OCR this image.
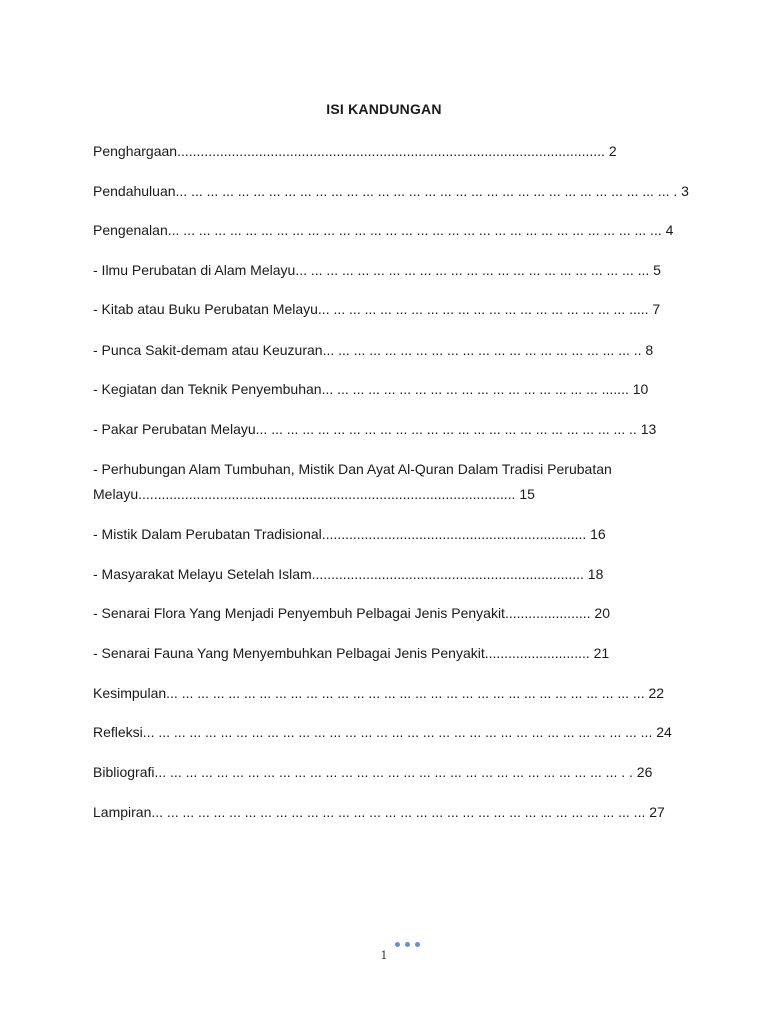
ISI KANDUNGAN
Penghargaan.............................................................................................................. 2
Pendahuluan... ... ... ... ... ... ... ... ... ... ... ... ... ... ... ... ... ... ... ... ... ... ... ... ... ... ... ... ... ... ... ... . 3
Pengenalan... ... ... ... ... ... ... ... ... ... ... ... ... ... ... ... ... ... ... ... ... ... ... ... ... ... ... ... ... ... ... ... 4
- Ilmu Perubatan di Alam Melayu... ... ... ... ... ... ... ... ... ... ... ... ... ... ... ... ... ... ... ... ... ... ... 5
- Kitab atau Buku Perubatan Melayu... ... ... ... ... ... ... ... ... ... ... ... ... ... ... ... ... ... ... ... ..... 7
- Punca Sakit-demam atau Keuzuran... ... ... ... ... ... ... ... ... ... ... ... ... ... ... ... ... ... ... ... .. 8
- Kegiatan dan Teknik Penyembuhan... ... ... ... ... ... ... ... ... ... ... ... ... ... ... ... ... ... ....... 10
- Pakar Perubatan Melayu... ... ... ... ... ... ... ... ... ... ... ... ... ... ... ... ... ... ... ... ... ... ... ... .. 13
- Perhubungan Alam Tumbuhan, Mistik Dan Ayat Al-Quran Dalam Tradisi Perubatan
Melayu................................................................................................. 15
- Mistik Dalam Perubatan Tradisional.................................................................... 16
- Masyarakat Melayu Setelah Islam...................................................................... 18
- Senarai Flora Yang Menjadi Penyembuh Pelbagai Jenis Penyakit...................... 20
- Senarai Fauna Yang Menyembuhkan Pelbagai Jenis Penyakit........................... 21
Kesimpulan... ... ... ... ... ... ... ... ... ... ... ... ... ... ... ... ... ... ... ... ... ... ... ... ... ... ... ... ... ... ... 22
Refleksi... ... ... ... ... ... ... ... ... ... ... ... ... ... ... ... ... ... ... ... ... ... ... ... ... ... ... ... ... ... ... ... ... 24
Bibliografi... ... ... ... ... ... ... ... ... ... ... ... ... ... ... ... ... ... ... ... ... ... ... ... ... ... ... ... ... ... . . 26
Lampiran... ... ... ... ... ... ... ... ... ... ... ... ... ... ... ... ... ... ... ... ... ... ... ... ... ... ... ... ... ... ... ... 27
1
